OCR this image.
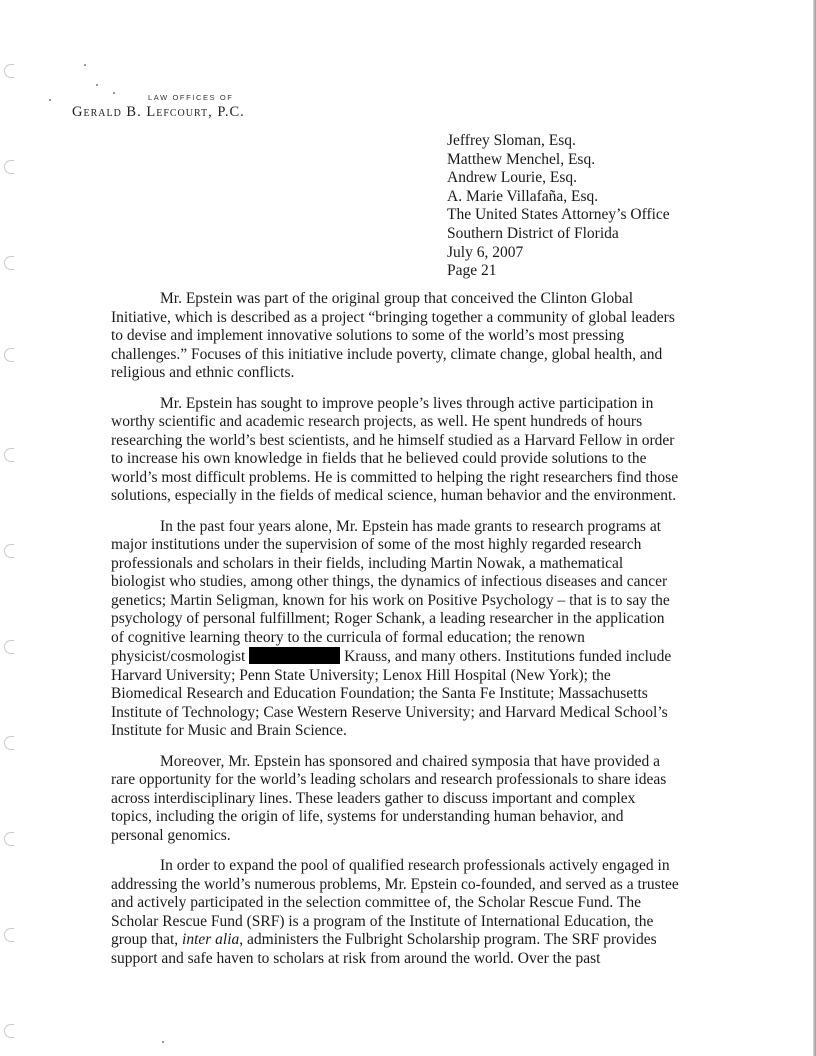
LAW OFFICES OF
Gerald B. Lefcourt, P.C.
Jeffrey Sloman, Esq.
Matthew Menchel, Esq.
Andrew Lourie, Esq.
A. Marie Villafaña, Esq.
The United States Attorney’s Office
Southern District of Florida
July 6, 2007
Page 21

Mr. Epstein was part of the original group that conceived the Clinton Global Initiative, which is described as a project “bringing together a community of global leaders to devise and implement innovative solutions to some of the world’s most pressing challenges.” Focuses of this initiative include poverty, climate change, global health, and religious and ethnic conflicts.

Mr. Epstein has sought to improve people’s lives through active participation in worthy scientific and academic research projects, as well. He spent hundreds of hours researching the world’s best scientists, and he himself studied as a Harvard Fellow in order to increase his own knowledge in fields that he believed could provide solutions to the world’s most difficult problems. He is committed to helping the right researchers find those solutions, especially in the fields of medical science, human behavior and the environment.

In the past four years alone, Mr. Epstein has made grants to research programs at major institutions under the supervision of some of the most highly regarded research professionals and scholars in their fields, including Martin Nowak, a mathematical biologist who studies, among other things, the dynamics of infectious diseases and cancer genetics; Martin Seligman, known for his work on Positive Psychology – that is to say the psychology of personal fulfillment; Roger Schank, a leading researcher in the application of cognitive learning theory to the curricula of formal education; the renown physicist/cosmologist	Krauss, and many others. Institutions funded include Harvard University; Penn State University; Lenox Hill Hospital (New York); the Biomedical Research and Education Foundation; the Santa Fe Institute; Massachusetts Institute of Technology; Case Western Reserve University; and Harvard Medical School’s Institute for Music and Brain Science.

Moreover, Mr. Epstein has sponsored and chaired symposia that have provided a rare opportunity for the world’s leading scholars and research professionals to share ideas across interdisciplinary lines. These leaders gather to discuss important and complex topics, including the origin of life, systems for understanding human behavior, and personal genomics.

In order to expand the pool of qualified research professionals actively engaged in addressing the world’s numerous problems, Mr. Epstein co-founded, and served as a trustee and actively participated in the selection committee of, the Scholar Rescue Fund. The Scholar Rescue Fund (SRF) is a program of the Institute of International Education, the group that, inter alia, administers the Fulbright Scholarship program. The SRF provides support and safe haven to scholars at risk from around the world. Over the past
